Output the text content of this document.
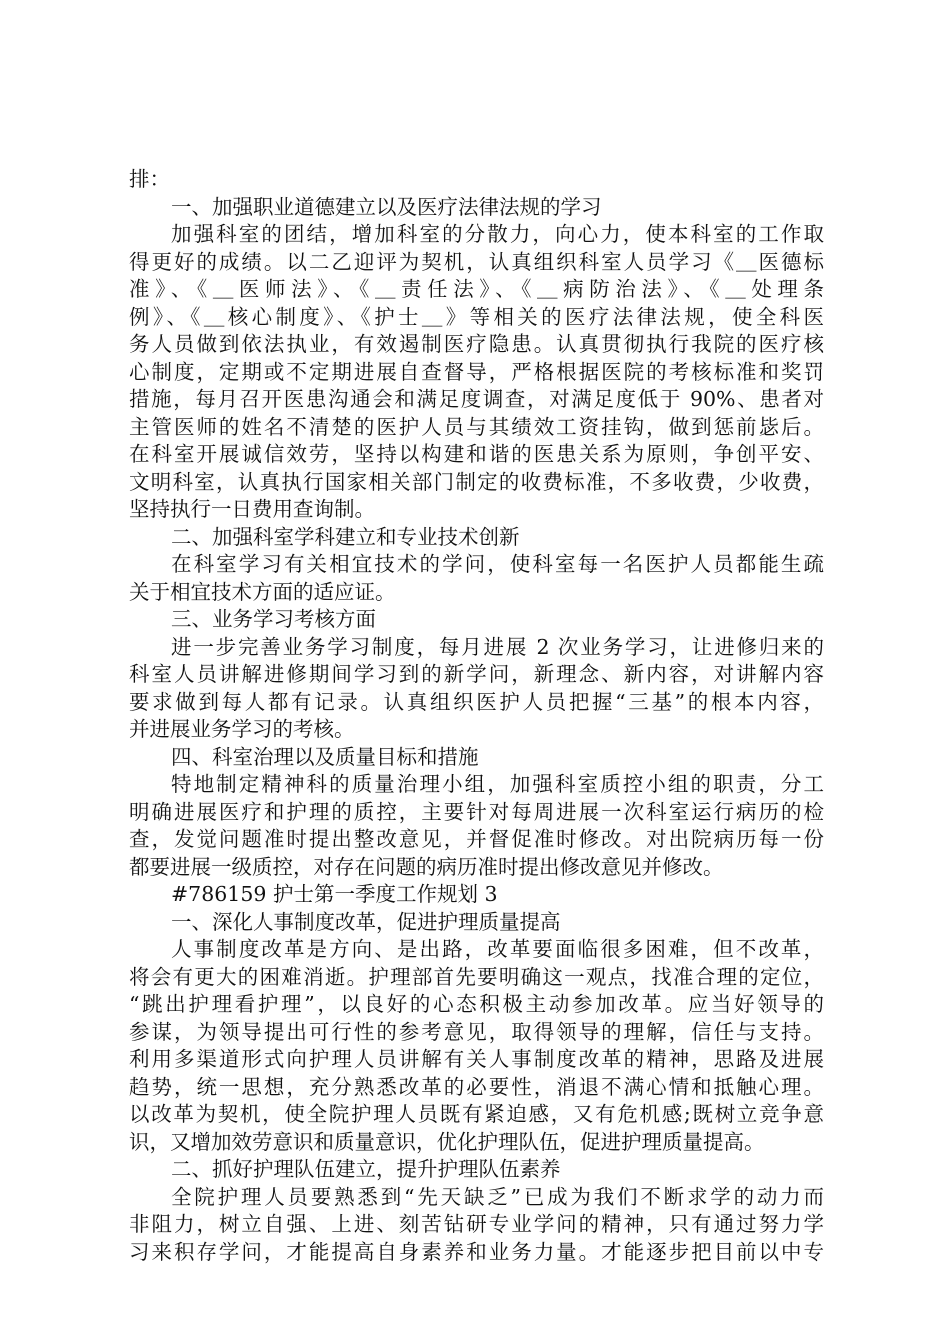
排：

一、加强职业道德建立以及医疗法律法规的学习

加强科室的团结，增加科室的分散力，向心力，使本科室的工作取

得更好的成绩。以二乙迎评为契机，认真组织科室人员学习《＿医德标

准》、《＿医师法》、《＿责任法》、《＿病防治法》、《＿处理条

例》、《＿核心制度》、《护士＿》等相关的医疗法律法规，使全科医

务人员做到依法执业，有效遏制医疗隐患。认真贯彻执行我院的医疗核

心制度，定期或不定期进展自查督导，严格根据医院的考核标准和奖罚

措施，每月召开医患沟通会和满足度调查，对满足度低于 90%、患者对

主管医师的姓名不清楚的医护人员与其绩效工资挂钩，做到惩前毖后。

在科室开展诚信效劳，坚持以构建和谐的医患关系为原则，争创平安、

文明科室，认真执行国家相关部门制定的收费标准，不多收费，少收费，

坚持执行一日费用查询制。

二、加强科室学科建立和专业技术创新

在科室学习有关相宜技术的学问，使科室每一名医护人员都能生疏

关于相宜技术方面的适应证。

三、业务学习考核方面

进一步完善业务学习制度，每月进展 2 次业务学习，让进修归来的

科室人员讲解进修期间学习到的新学问，新理念、新内容，对讲解内容

要求做到每人都有记录。认真组织医护人员把握“三基”的根本内容，

并进展业务学习的考核。

四、科室治理以及质量目标和措施

特地制定精神科的质量治理小组，加强科室质控小组的职责，分工

明确进展医疗和护理的质控，主要针对每周进展一次科室运行病历的检

查，发觉问题准时提出整改意见，并督促准时修改。对出院病历每一份

都要进展一级质控，对存在问题的病历准时提出修改意见并修改。

#786159 护士第一季度工作规划 3

一、深化人事制度改革，促进护理质量提高

人事制度改革是方向、是出路，改革要面临很多困难，但不改革，

将会有更大的困难消逝。护理部首先要明确这一观点，找准合理的定位，

“跳出护理看护理”，以良好的心态积极主动参加改革。应当好领导的

参谋，为领导提出可行性的参考意见，取得领导的理解，信任与支持。

利用多渠道形式向护理人员讲解有关人事制度改革的精神，思路及进展

趋势，统一思想，充分熟悉改革的必要性，消退不满心情和抵触心理。

以改革为契机，使全院护理人员既有紧迫感，又有危机感;既树立竞争意

识，又增加效劳意识和质量意识，优化护理队伍，促进护理质量提高。

二、抓好护理队伍建立，提升护理队伍素养

全院护理人员要熟悉到“先天缺乏”已成为我们不断求学的动力而

非阻力，树立自强、上进、刻苦钻研专业学问的精神，只有通过努力学

习来积存学问，才能提高自身素养和业务力量。才能逐步把目前以中专
